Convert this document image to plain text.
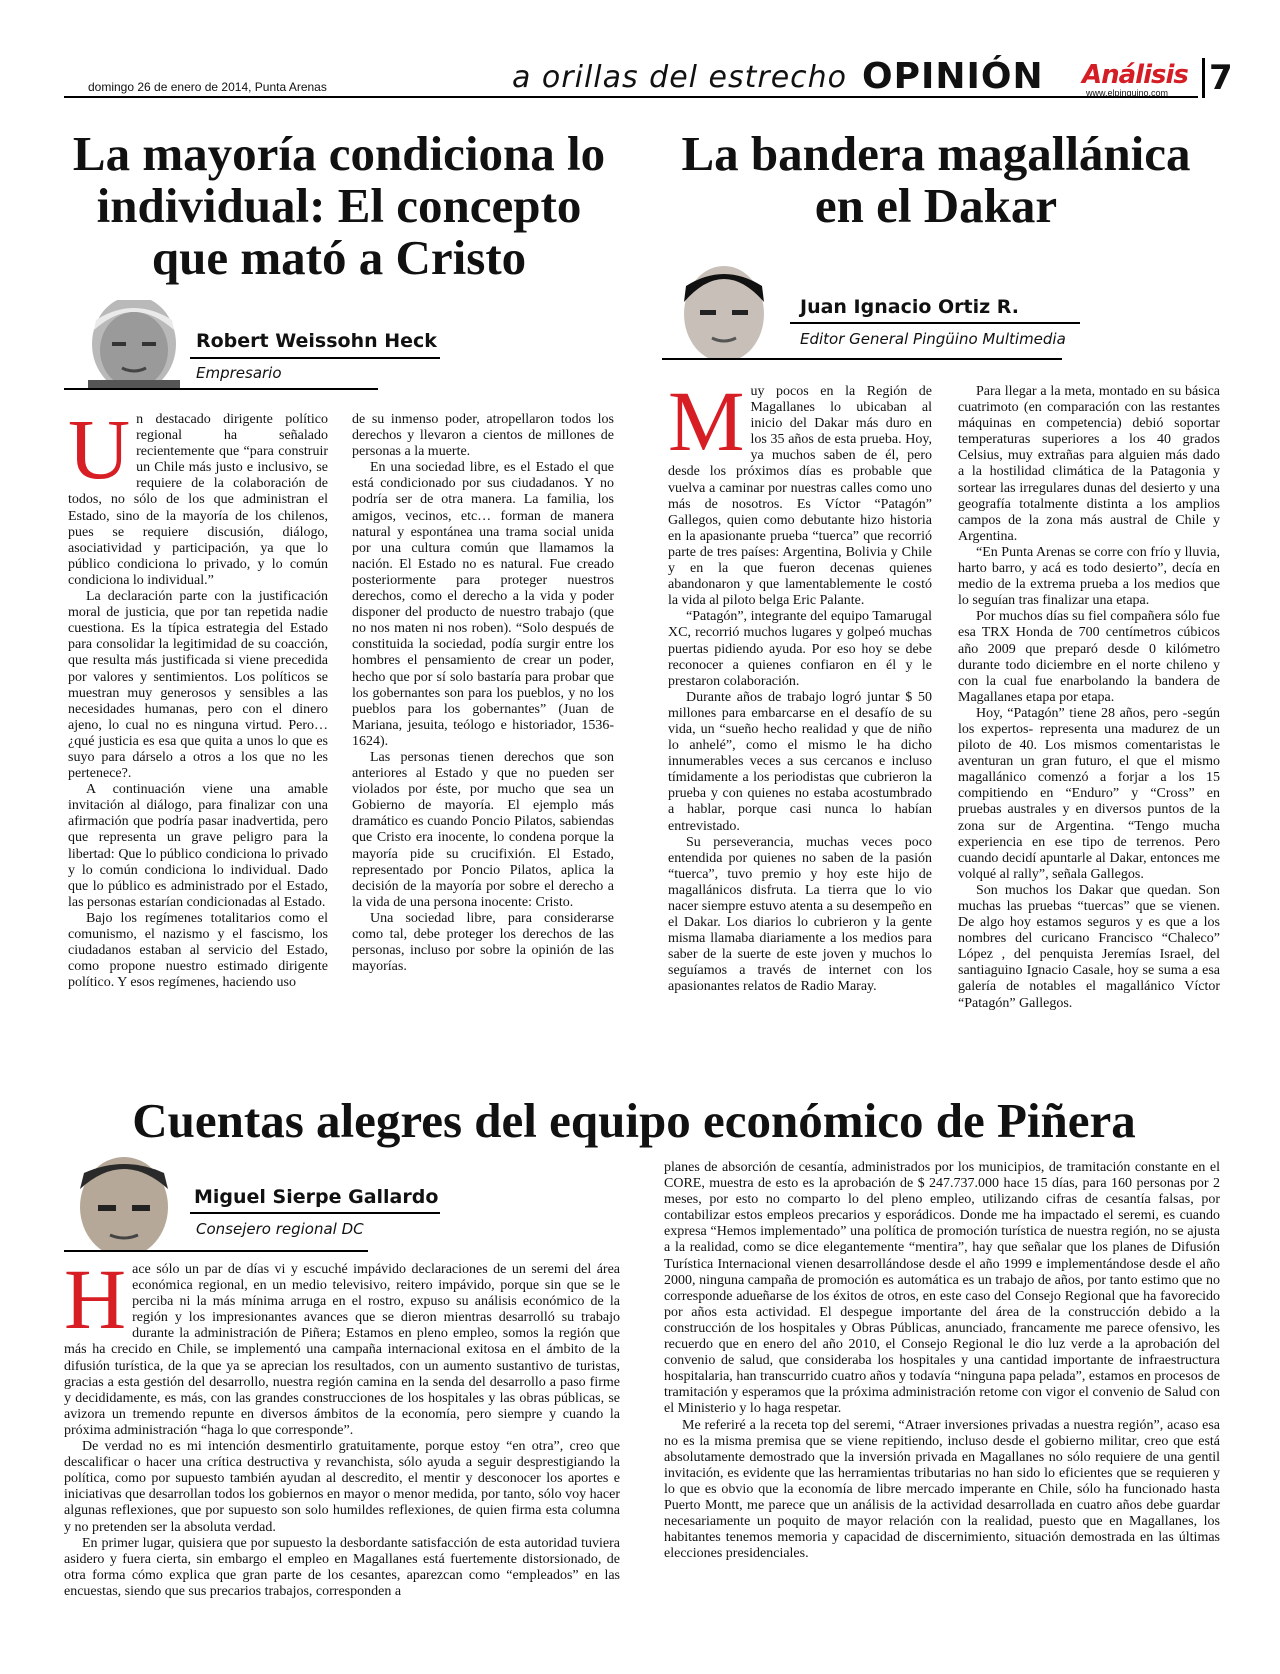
domingo 26 de enero de 2014, Punta Arenas	a orillas del estrecho OPINIÓN Análisis
www.elpinguino.com 7
La mayoría condiciona lo individual: El concepto que mató a Cristo
Robert Weissohn Heck
Empresario

Un destacado dirigente político regional ha señalado recientemente que “para construir un Chile más justo e inclusivo, se requiere de la colaboración de todos, no sólo de los que administran el Estado, sino de la mayoría de los chilenos, pues se requiere discusión, diálogo, asociatividad y participación, ya que lo público condiciona lo privado, y lo común condiciona lo individual.”

La declaración parte con la justificación moral de justicia, que por tan repetida nadie cuestiona. Es la típica estrategia del Estado para consolidar la legitimidad de su coacción, que resulta más justificada si viene precedida por valores y sentimientos. Los políticos se muestran muy generosos y sensibles a las necesidades humanas, pero con el dinero ajeno, lo cual no es ninguna virtud. Pero… ¿qué justicia es esa que quita a unos lo que es suyo para dárselo a otros a los que no les pertenece?.

A continuación viene una amable invitación al diálogo, para finalizar con una afirmación que podría pasar inadvertida, pero que representa un grave peligro para la libertad: Que lo público condiciona lo privado y lo común condiciona lo individual. Dado que lo público es administrado por el Estado, las personas estarían condicionadas al Estado.

Bajo los regímenes totalitarios como el comunismo, el nazismo y el fascismo, los ciudadanos estaban al servicio del Estado, como propone nuestro estimado dirigente político. Y esos regímenes, haciendo uso

de su inmenso poder, atropellaron todos los derechos y llevaron a cientos de millones de personas a la muerte.

En una sociedad libre, es el Estado el que está condicionado por sus ciudadanos. Y no podría ser de otra manera. La familia, los amigos, vecinos, etc… forman de manera natural y espontánea una trama social unida por una cultura común que llamamos la nación. El Estado no es natural. Fue creado posteriormente para proteger nuestros derechos, como el derecho a la vida y poder disponer del producto de nuestro trabajo (que no nos maten ni nos roben). “Solo después de constituida la sociedad, podía surgir entre los hombres el pensamiento de crear un poder, hecho que por sí solo bastaría para probar que los gobernantes son para los pueblos, y no los pueblos para los gobernantes” (Juan de Mariana, jesuita, teólogo e historiador, 1536-1624).

Las personas tienen derechos que son anteriores al Estado y que no pueden ser violados por éste, por mucho que sea un Gobierno de mayoría. El ejemplo más dramático es cuando Poncio Pilatos, sabiendas que Cristo era inocente, lo condena porque la mayoría pide su crucifixión. El Estado, representado por Poncio Pilatos, aplica la decisión de la mayoría por sobre el derecho a la vida de una persona inocente: Cristo.

Una sociedad libre, para considerarse como tal, debe proteger los derechos de las personas, incluso por sobre la opinión de las mayorías.

La bandera magallánica en el Dakar
Juan Ignacio Ortiz R.
Editor General Pingüino Multimedia

Muy pocos en la Región de Magallanes lo ubicaban al inicio del Dakar más duro en los 35 años de esta prueba. Hoy, ya muchos saben de él, pero desde los próximos días es probable que vuelva a caminar por nuestras calles como uno más de nosotros. Es Víctor “Patagón” Gallegos, quien como debutante hizo historia en la apasionante prueba “tuerca” que recorrió parte de tres países: Argentina, Bolivia y Chile y en la que fueron decenas quienes abandonaron y que lamentablemente le costó la vida al piloto belga Eric Palante.

“Patagón”, integrante del equipo Tamarugal XC, recorrió muchos lugares y golpeó muchas puertas pidiendo ayuda. Por eso hoy se debe reconocer a quienes confiaron en él y le prestaron colaboración.

Durante años de trabajo logró juntar $ 50 millones para embarcarse en el desafío de su vida, un “sueño hecho realidad y que de niño lo anhelé”, como el mismo le ha dicho innumerables veces a sus cercanos e incluso tímidamente a los periodistas que cubrieron la prueba y con quienes no estaba acostumbrado a hablar, porque casi nunca lo habían entrevistado.

Su perseverancia, muchas veces poco entendida por quienes no saben de la pasión “tuerca”, tuvo premio y hoy este hijo de magallánicos disfruta. La tierra que lo vio nacer siempre estuvo atenta a su desempeño en el Dakar. Los diarios lo cubrieron y la gente misma llamaba diariamente a los medios para saber de la suerte de este joven y muchos lo seguíamos a través de internet con los apasionantes relatos de Radio Maray.

Para llegar a la meta, montado en su básica cuatrimoto (en comparación con las restantes máquinas en competencia) debió soportar temperaturas superiores a los 40 grados Celsius, muy extrañas para alguien más dado a la hostilidad climática de la Patagonia y sortear las irregulares dunas del desierto y una geografía totalmente distinta a los amplios campos de la zona más austral de Chile y Argentina.

“En Punta Arenas se corre con frío y lluvia, harto barro, y acá es todo desierto”, decía en medio de la extrema prueba a los medios que lo seguían tras finalizar una etapa.

Por muchos días su fiel compañera sólo fue esa TRX Honda de 700 centímetros cúbicos año 2009 que preparó desde 0 kilómetro durante todo diciembre en el norte chileno y con la cual fue enarbolando la bandera de Magallanes etapa por etapa.

Hoy, “Patagón” tiene 28 años, pero -según los expertos- representa una madurez de un piloto de 40. Los mismos comentaristas le aventuran un gran futuro, el que el mismo magallánico comenzó a forjar a los 15 compitiendo en “Enduro” y “Cross” en pruebas australes y en diversos puntos de la zona sur de Argentina. “Tengo mucha experiencia en ese tipo de terrenos. Pero cuando decidí apuntarle al Dakar, entonces me volqué al rally”, señala Gallegos.

Son muchos los Dakar que quedan. Son muchas las pruebas “tuercas” que se vienen. De algo hoy estamos seguros y es que a los nombres del curicano Francisco “Chaleco” López , del penquista Jeremías Israel, del santiaguino Ignacio Casale, hoy se suma a esa galería de notables el magallánico Víctor “Patagón” Gallegos.

Cuentas alegres del equipo económico de Piñera
Miguel Sierpe Gallardo
Consejero regional DC

Hace sólo un par de días vi y escuché impávido declaraciones de un seremi del área económica regional, en un medio televisivo, reitero impávido, porque sin que se le perciba ni la más mínima arruga en el rostro, expuso su análisis económico de la región y los impresionantes avances que se dieron mientras desarrolló su trabajo durante la administración de Piñera; Estamos en pleno empleo, somos la región que más ha crecido en Chile, se implementó una campaña internacional exitosa en el ámbito de la difusión turística, de la que ya se aprecian los resultados, con un aumento sustantivo de turistas, gracias a esta gestión del desarrollo, nuestra región camina en la senda del desarrollo a paso firme y decididamente, es más, con las grandes construcciones de los hospitales y las obras públicas, se avizora un tremendo repunte en diversos ámbitos de la economía, pero siempre y cuando la próxima administración “haga lo que corresponde”.

De verdad no es mi intención desmentirlo gratuitamente, porque estoy “en otra”, creo que descalificar o hacer una crítica destructiva y revanchista, sólo ayuda a seguir desprestigiando la política, como por supuesto también ayudan al descredito, el mentir y desconocer los aportes e iniciativas que desarrollan todos los gobiernos en mayor o menor medida, por tanto, sólo voy hacer algunas reflexiones, que por supuesto son solo humildes reflexiones, de quien firma esta columna y no pretenden ser la absoluta verdad.

En primer lugar, quisiera que por supuesto la desbordante satisfacción de esta autoridad tuviera asidero y fuera cierta, sin embargo el empleo en Magallanes está fuertemente distorsionado, de otra forma cómo explica que gran parte de los cesantes, aparezcan como “empleados” en las encuestas, siendo que sus precarios trabajos, corresponden a

planes de absorción de cesantía, administrados por los municipios, de tramitación constante en el CORE, muestra de esto es la aprobación de $ 247.737.000 hace 15 días, para 160 personas por 2 meses, por esto no comparto lo del pleno empleo, utilizando cifras de cesantía falsas, por contabilizar estos empleos precarios y esporádicos. Donde me ha impactado el seremi, es cuando expresa “Hemos implementado” una política de promoción turística de nuestra región, no se ajusta a la realidad, como se dice elegantemente “mentira”, hay que señalar que los planes de Difusión Turística Internacional vienen desarrollándose desde el año 1999 e implementándose desde el año 2000, ninguna campaña de promoción es automática es un trabajo de años, por tanto estimo que no corresponde adueñarse de los éxitos de otros, en este caso del Consejo Regional que ha favorecido por años esta actividad. El despegue importante del área de la construcción debido a la construcción de los hospitales y Obras Públicas, anunciado, francamente me parece ofensivo, les recuerdo que en enero del año 2010, el Consejo Regional le dio luz verde a la aprobación del convenio de salud, que consideraba los hospitales y una cantidad importante de infraestructura hospitalaria, han transcurrido cuatro años y todavía “ninguna papa pelada”, estamos en procesos de tramitación y esperamos que la próxima administración retome con vigor el convenio de Salud con el Ministerio y lo haga respetar.

Me referiré a la receta top del seremi, “Atraer inversiones privadas a nuestra región”, acaso esa no es la misma premisa que se viene repitiendo, incluso desde el gobierno militar, creo que está absolutamente demostrado que la inversión privada en Magallanes no sólo requiere de una gentil invitación, es evidente que las herramientas tributarias no han sido lo eficientes que se requieren y lo que es obvio que la economía de libre mercado imperante en Chile, sólo ha funcionado hasta Puerto Montt, me parece que un análisis de la actividad desarrollada en cuatro años debe guardar necesariamente un poquito de mayor relación con la realidad, puesto que en Magallanes, los habitantes tenemos memoria y capacidad de discernimiento, situación demostrada en las últimas elecciones presidenciales.
